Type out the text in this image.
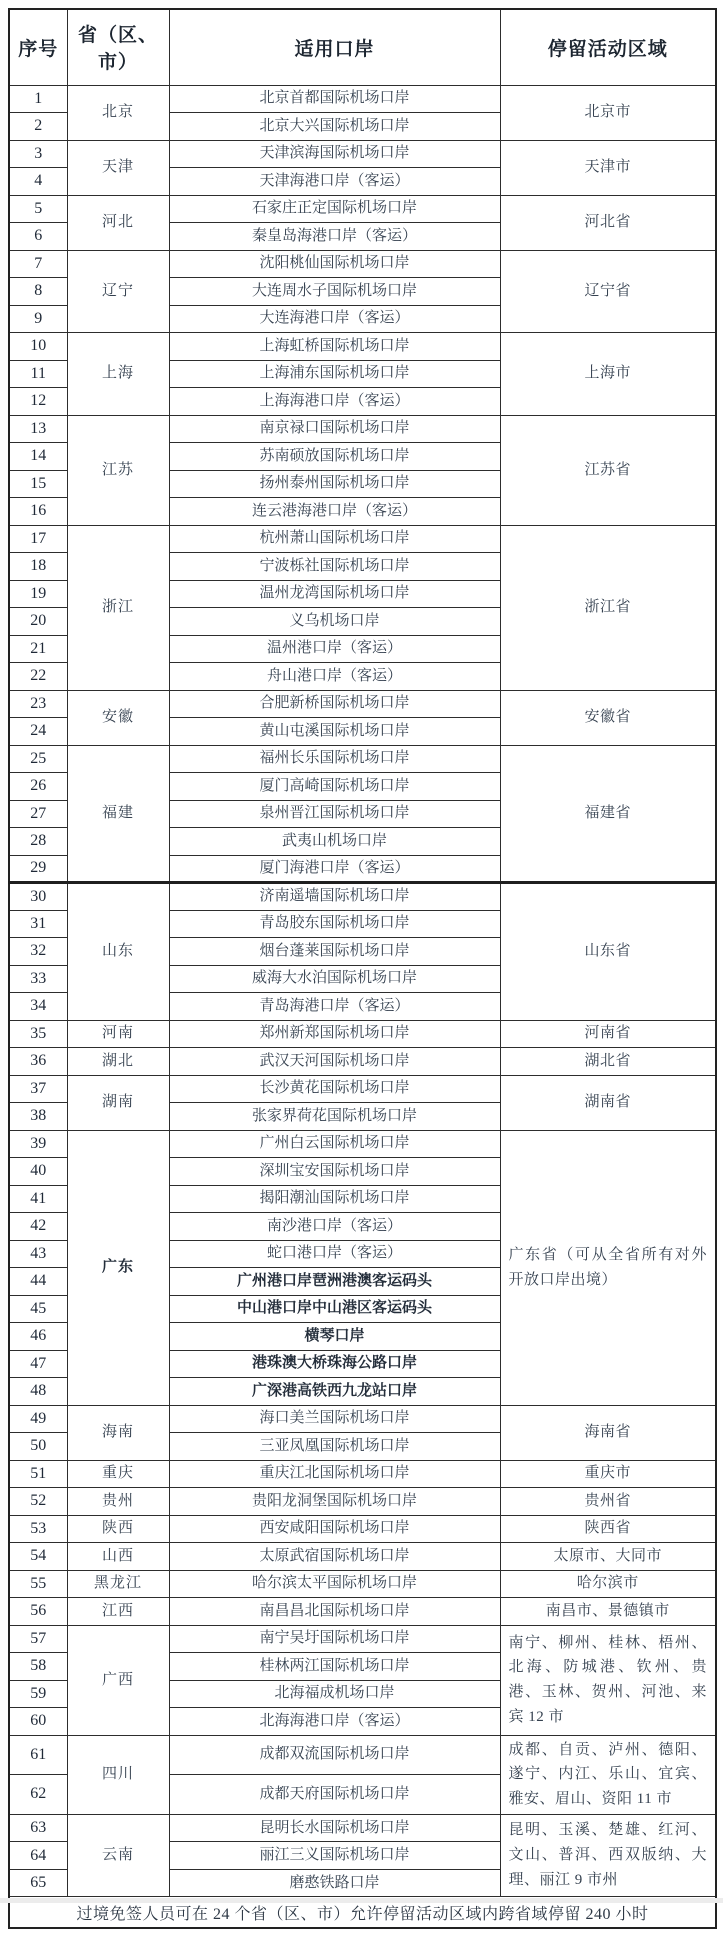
序号	省（区、市）	适用口岸	停留活动区域
1	北京	北京首都国际机场口岸	北京市
2		北京大兴国际机场口岸	
3	天津	天津滨海国际机场口岸	天津市
4		天津海港口岸（客运）	
5	河北	石家庄正定国际机场口岸	河北省
6		秦皇岛海港口岸（客运）	
7	辽宁	沈阳桃仙国际机场口岸	辽宁省
8		大连周水子国际机场口岸	
9		大连海港口岸（客运）	
10	上海	上海虹桥国际机场口岸	上海市
11		上海浦东国际机场口岸	
12		上海海港口岸（客运）	
13	江苏	南京禄口国际机场口岸	江苏省
14		苏南硕放国际机场口岸	
15		扬州泰州国际机场口岸	
16		连云港海港口岸（客运）	
17	浙江	杭州萧山国际机场口岸	浙江省
18		宁波栎社国际机场口岸	
19		温州龙湾国际机场口岸	
20		义乌机场口岸	
21		温州港口岸（客运）	
22		舟山港口岸（客运）	
23	安徽	合肥新桥国际机场口岸	安徽省
24		黄山屯溪国际机场口岸	
25	福建	福州长乐国际机场口岸	福建省
26		厦门高崎国际机场口岸	
27		泉州晋江国际机场口岸	
28		武夷山机场口岸	
29		厦门海港口岸（客运）	
30	山东	济南遥墙国际机场口岸	山东省
31		青岛胶东国际机场口岸	
32		烟台蓬莱国际机场口岸	
33		威海大水泊国际机场口岸	
34		青岛海港口岸（客运）	
35	河南	郑州新郑国际机场口岸	河南省
36	湖北	武汉天河国际机场口岸	湖北省
37	湖南	长沙黄花国际机场口岸	湖南省
38		张家界荷花国际机场口岸	
39	广东	广州白云国际机场口岸	广东省（可从全省所有对外开放口岸出境）
40		深圳宝安国际机场口岸	
41		揭阳潮汕国际机场口岸	
42		南沙港口岸（客运）	
43		蛇口港口岸（客运）	
44		广州港口岸琶洲港澳客运码头	
45		中山港口岸中山港区客运码头	
46		横琴口岸	
47		港珠澳大桥珠海公路口岸	
48		广深港高铁西九龙站口岸	
49	海南	海口美兰国际机场口岸	海南省
50		三亚凤凰国际机场口岸	
51	重庆	重庆江北国际机场口岸	重庆市
52	贵州	贵阳龙洞堡国际机场口岸	贵州省
53	陕西	西安咸阳国际机场口岸	陕西省
54	山西	太原武宿国际机场口岸	太原市、大同市
55	黑龙江	哈尔滨太平国际机场口岸	哈尔滨市
56	江西	南昌昌北国际机场口岸	南昌市、景德镇市
57	广西	南宁吴圩国际机场口岸	南宁、柳州、桂林、梧州、北海、防城港、钦州、贵港、玉林、贺州、河池、来宾 12 市
58		桂林两江国际机场口岸	
59		北海福成机场口岸	
60		北海海港口岸（客运）	
61	四川	成都双流国际机场口岸	成都、自贡、泸州、德阳、遂宁、内江、乐山、宜宾、雅安、眉山、资阳 11 市
62		成都天府国际机场口岸	
63	云南	昆明长水国际机场口岸	昆明、玉溪、楚雄、红河、文山、普洱、西双版纳、大理、丽江 9 市州
64		丽江三义国际机场口岸	
65		磨憨铁路口岸	
过境免签人员可在 24 个省（区、市）允许停留活动区域内跨省域停留 240 小时			
